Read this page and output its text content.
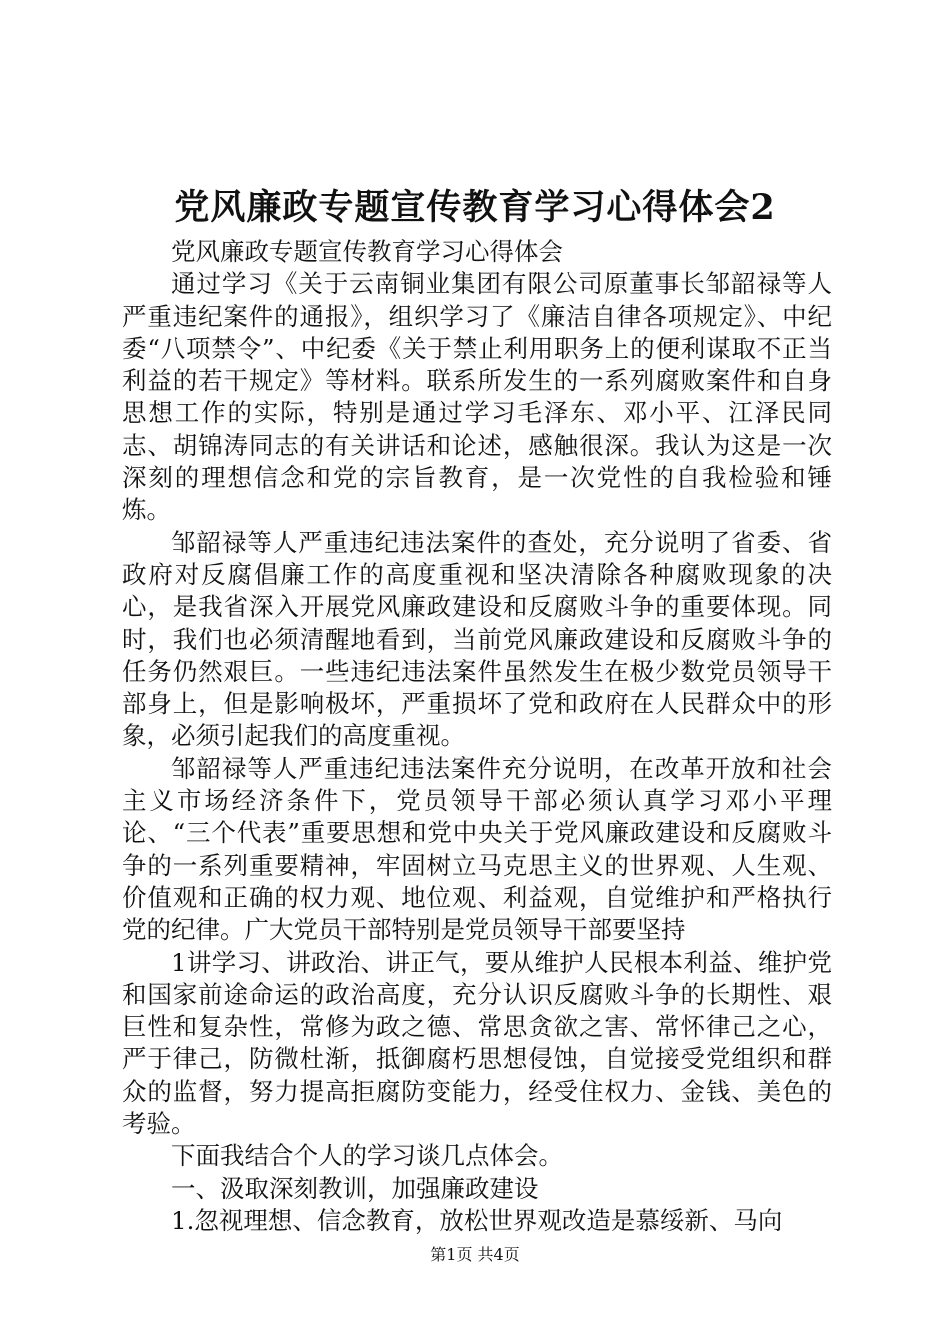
党风廉政专题宣传教育学习心得体会2

党风廉政专题宣传教育学习心得体会

通过学习《关于云南铜业集团有限公司原董事长邹韶禄等人严重违纪案件的通报》，组织学习了《廉洁自律各项规定》、中纪委“八项禁令”、中纪委《关于禁止利用职务上的便利谋取不正当利益的若干规定》等材料。联系所发生的一系列腐败案件和自身思想工作的实际，特别是通过学习毛泽东、邓小平、江泽民同志、胡锦涛同志的有关讲话和论述，感触很深。我认为这是一次深刻的理想信念和党的宗旨教育，是一次党性的自我检验和锤炼。

邹韶禄等人严重违纪违法案件的查处，充分说明了省委、省政府对反腐倡廉工作的高度重视和坚决清除各种腐败现象的决心，是我省深入开展党风廉政建设和反腐败斗争的重要体现。同时，我们也必须清醒地看到，当前党风廉政建设和反腐败斗争的任务仍然艰巨。一些违纪违法案件虽然发生在极少数党员领导干部身上，但是影响极坏，严重损坏了党和政府在人民群众中的形象，必须引起我们的高度重视。

邹韶禄等人严重违纪违法案件充分说明，在改革开放和社会主义市场经济条件下，党员领导干部必须认真学习邓小平理论、“三个代表”重要思想和党中央关于党风廉政建设和反腐败斗争的一系列重要精神，牢固树立马克思主义的世界观、人生观、价值观和正确的权力观、地位观、利益观，自觉维护和严格执行党的纪律。广大党员干部特别是党员领导干部要坚持

1讲学习、讲政治、讲正气，要从维护人民根本利益、维护党和国家前途命运的政治高度，充分认识反腐败斗争的长期性、艰巨性和复杂性，常修为政之德、常思贪欲之害、常怀律己之心，严于律己，防微杜渐，抵御腐朽思想侵蚀，自觉接受党组织和群众的监督，努力提高拒腐防变能力，经受住权力、金钱、美色的考验。

下面我结合个人的学习谈几点体会。

一、汲取深刻教训，加强廉政建设

1.忽视理想、信念教育，放松世界观改造是慕绥新、马向

第1页 共4页
